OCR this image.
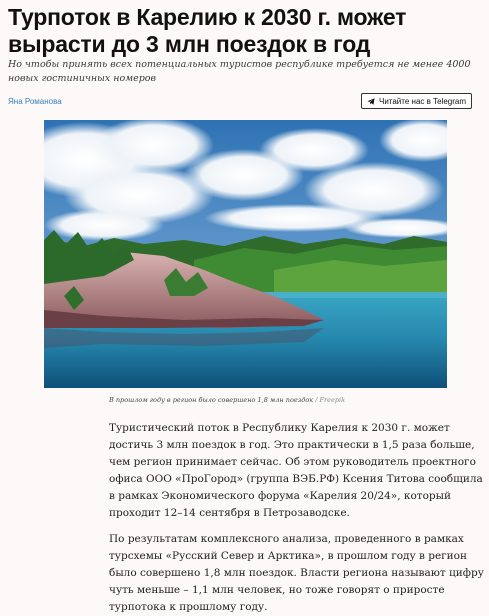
Турпоток в Карелию к 2030 г. может вырасти до 3 млн поездок в год

Но чтобы принять всех потенциальных туристов республике требуется не менее 4000 новых гостиничных номеров

Яна Романова	Читайте нас в Telegram
В прошлом году в регион было совершено 1,8 млн поездок / Freepik

Туристический поток в Республику Карелия к 2030 г. может достичь 3 млн поездок в год. Это практически в 1,5 раза больше, чем регион принимает сейчас. Об этом руководитель проектного офиса ООО «ПроГород» (группа ВЭБ.РФ) Ксения Титова сообщила в рамках Экономического форума «Карелия 20/24», который проходит 12–14 сентября в Петрозаводске.

По результатам комплексного анализа, проведенного в рамках турсхемы «Русский Север и Арктика», в прошлом году в регион было совершено 1,8 млн поездок. Власти региона называют цифру чуть меньше – 1,1 млн человек, но тоже говорят о приросте турпотока к прошлому году.
